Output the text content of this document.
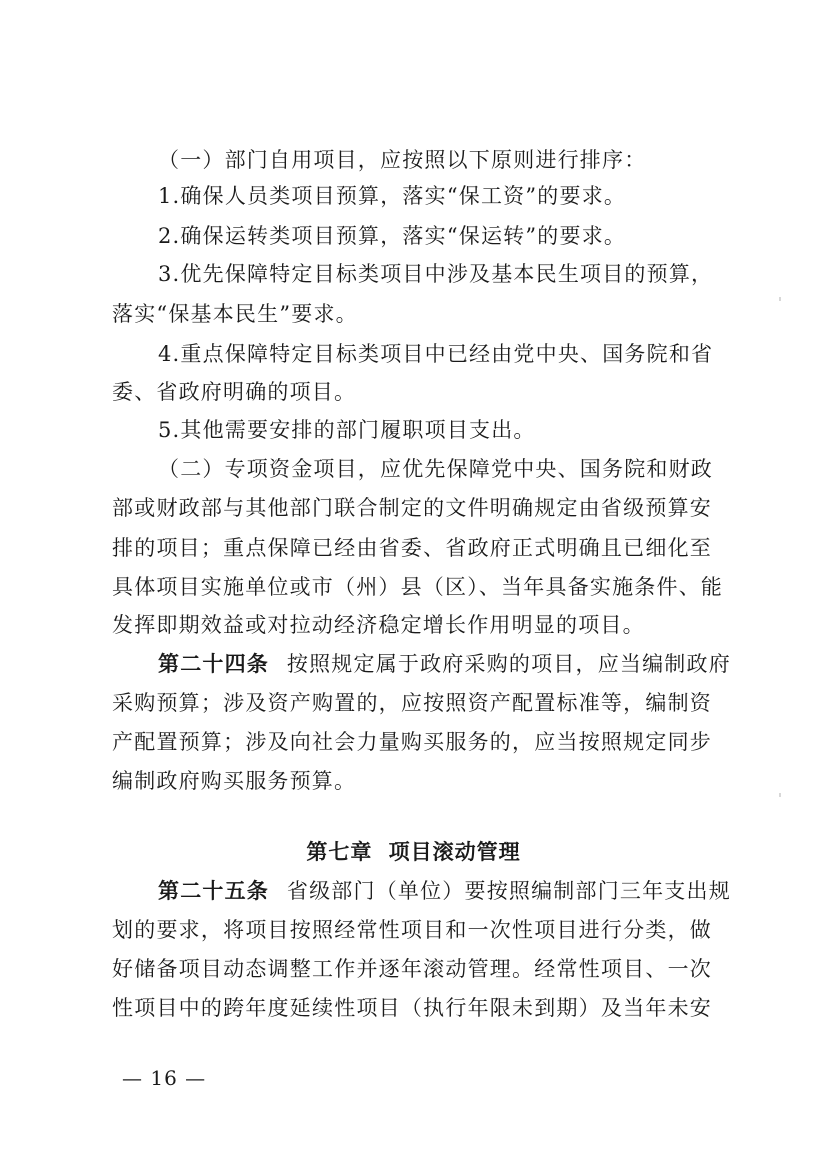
（一）部门自用项目，应按照以下原则进行排序：
1.确保人员类项目预算，落实“保工资”的要求。
2.确保运转类项目预算，落实“保运转”的要求。
3.优先保障特定目标类项目中涉及基本民生项目的预算，
落实“保基本民生”要求。
4.重点保障特定目标类项目中已经由党中央、国务院和省
委、省政府明确的项目。
5.其他需要安排的部门履职项目支出。
（二）专项资金项目，应优先保障党中央、国务院和财政
部或财政部与其他部门联合制定的文件明确规定由省级预算安
排的项目；重点保障已经由省委、省政府正式明确且已细化至
具体项目实施单位或市（州）县（区）、当年具备实施条件、能
发挥即期效益或对拉动经济稳定增长作用明显的项目。
第二十四条 按照规定属于政府采购的项目，应当编制政府
采购预算；涉及资产购置的，应按照资产配置标准等，编制资
产配置预算；涉及向社会力量购买服务的，应当按照规定同步
编制政府购买服务预算。
第七章 项目滚动管理
第二十五条 省级部门（单位）要按照编制部门三年支出规
划的要求，将项目按照经常性项目和一次性项目进行分类，做
好储备项目动态调整工作并逐年滚动管理。经常性项目、一次
性项目中的跨年度延续性项目（执行年限未到期）及当年未安
— 16 —
